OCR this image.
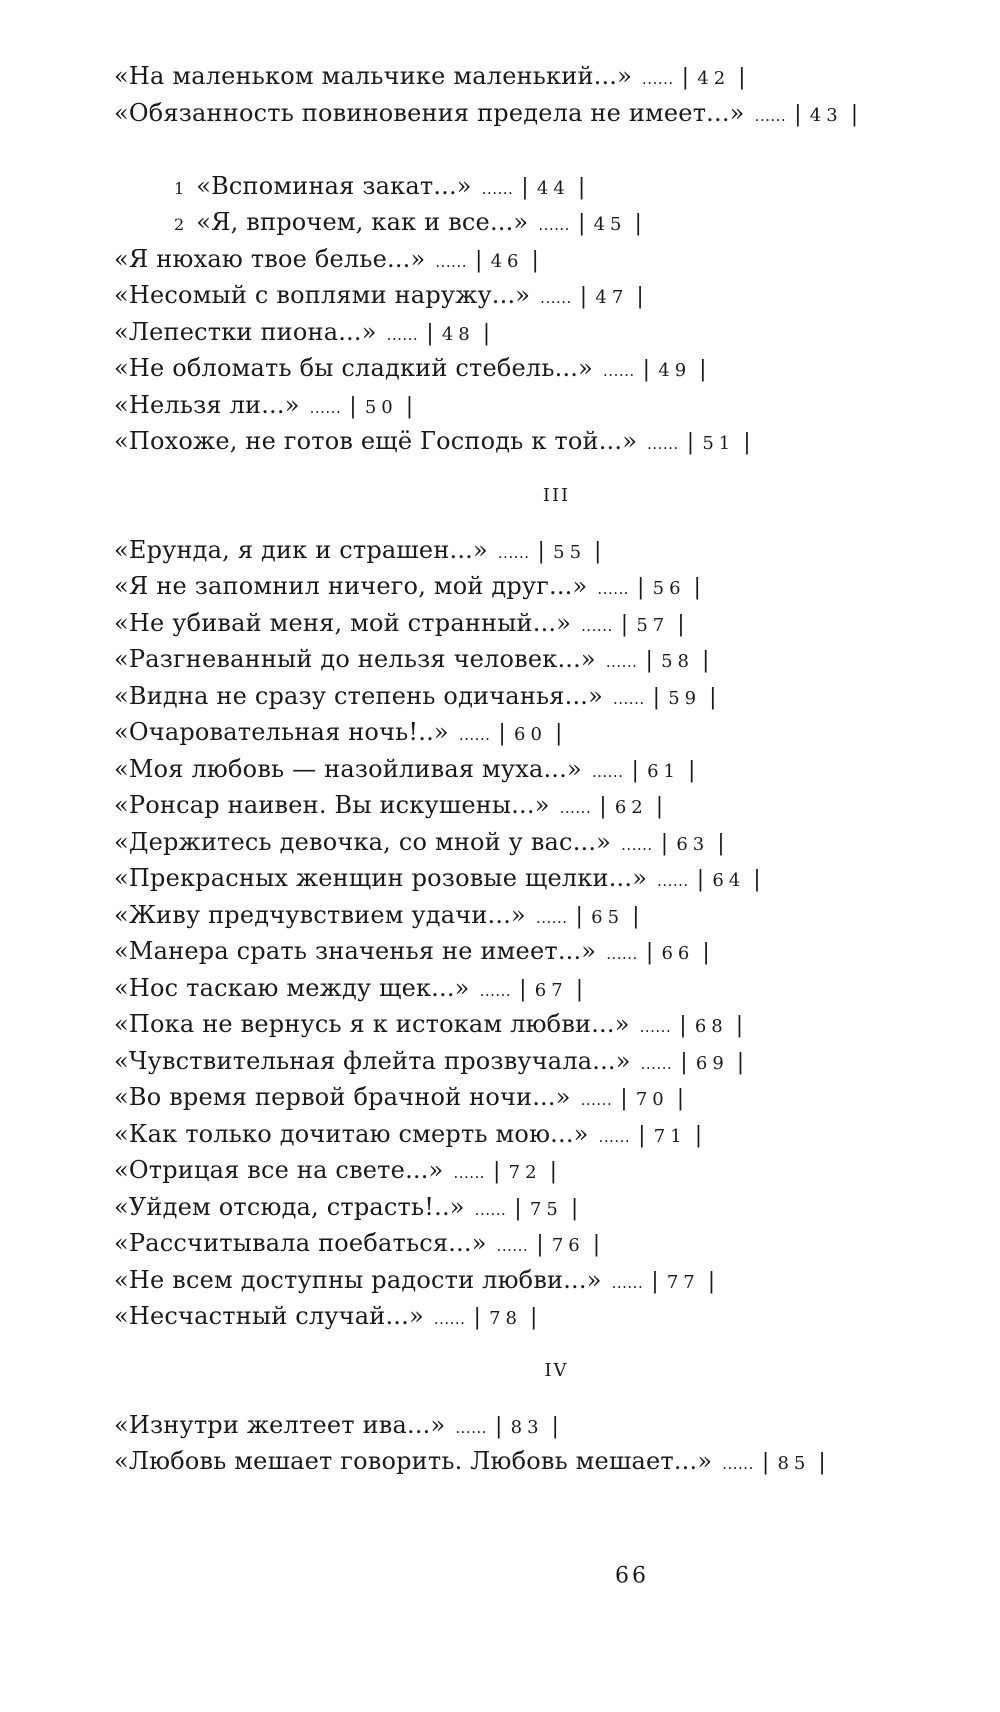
«На маленьком мальчике маленький...» ...... | 42 |
«Обязанность повиновения предела не имеет...» ...... | 43 |
1 «Вспоминая закат...» ...... | 44 |
2 «Я, впрочем, как и все...» ...... | 45 |
«Я нюхаю твое белье...» ...... | 46 |
«Несомый с воплями наружу...» ...... | 47 |
«Лепестки пиона...» ...... | 48 |
«Не обломать бы сладкий стебель...» ...... | 49 |
«Нельзя ли...» ...... | 50 |
«Похоже, не готов ещё Господь к той...» ...... | 51 |
III
«Ерунда, я дик и страшен...» ...... | 55 |
«Я не запомнил ничего, мой друг...» ...... | 56 |
«Не убивай меня, мой странный...» ...... | 57 |
«Разгневанный до нельзя человек...» ...... | 58 |
«Видна не сразу степень одичанья...» ...... | 59 |
«Очаровательная ночь!..» ...... | 60 |
«Моя любовь — назойливая муха...» ...... | 61 |
«Ронсар наивен. Вы искушены...» ...... | 62 |
«Держитесь девочка, со мной у вас...» ...... | 63 |
«Прекрасных женщин розовые щелки...» ...... | 64 |
«Живу предчувствием удачи...» ...... | 65 |
«Манера срать значенья не имеет...» ...... | 66 |
«Нос таскаю между щек...» ...... | 67 |
«Пока не вернусь я к истокам любви...» ...... | 68 |
«Чувствительная флейта прозвучала...» ...... | 69 |
«Во время первой брачной ночи...» ...... | 70 |
«Как только дочитаю смерть мою...» ...... | 71 |
«Отрицая все на свете...» ...... | 72 |
«Уйдем отсюда, страсть!..» ...... | 75 |
«Рассчитывала поебаться...» ...... | 76 |
«Не всем доступны радости любви...» ...... | 77 |
«Несчастный случай...» ...... | 78 |
IV
«Изнутри желтеет ива...» ...... | 83 |
«Любовь мешает говорить. Любовь мешает...» ...... | 85 |
99
